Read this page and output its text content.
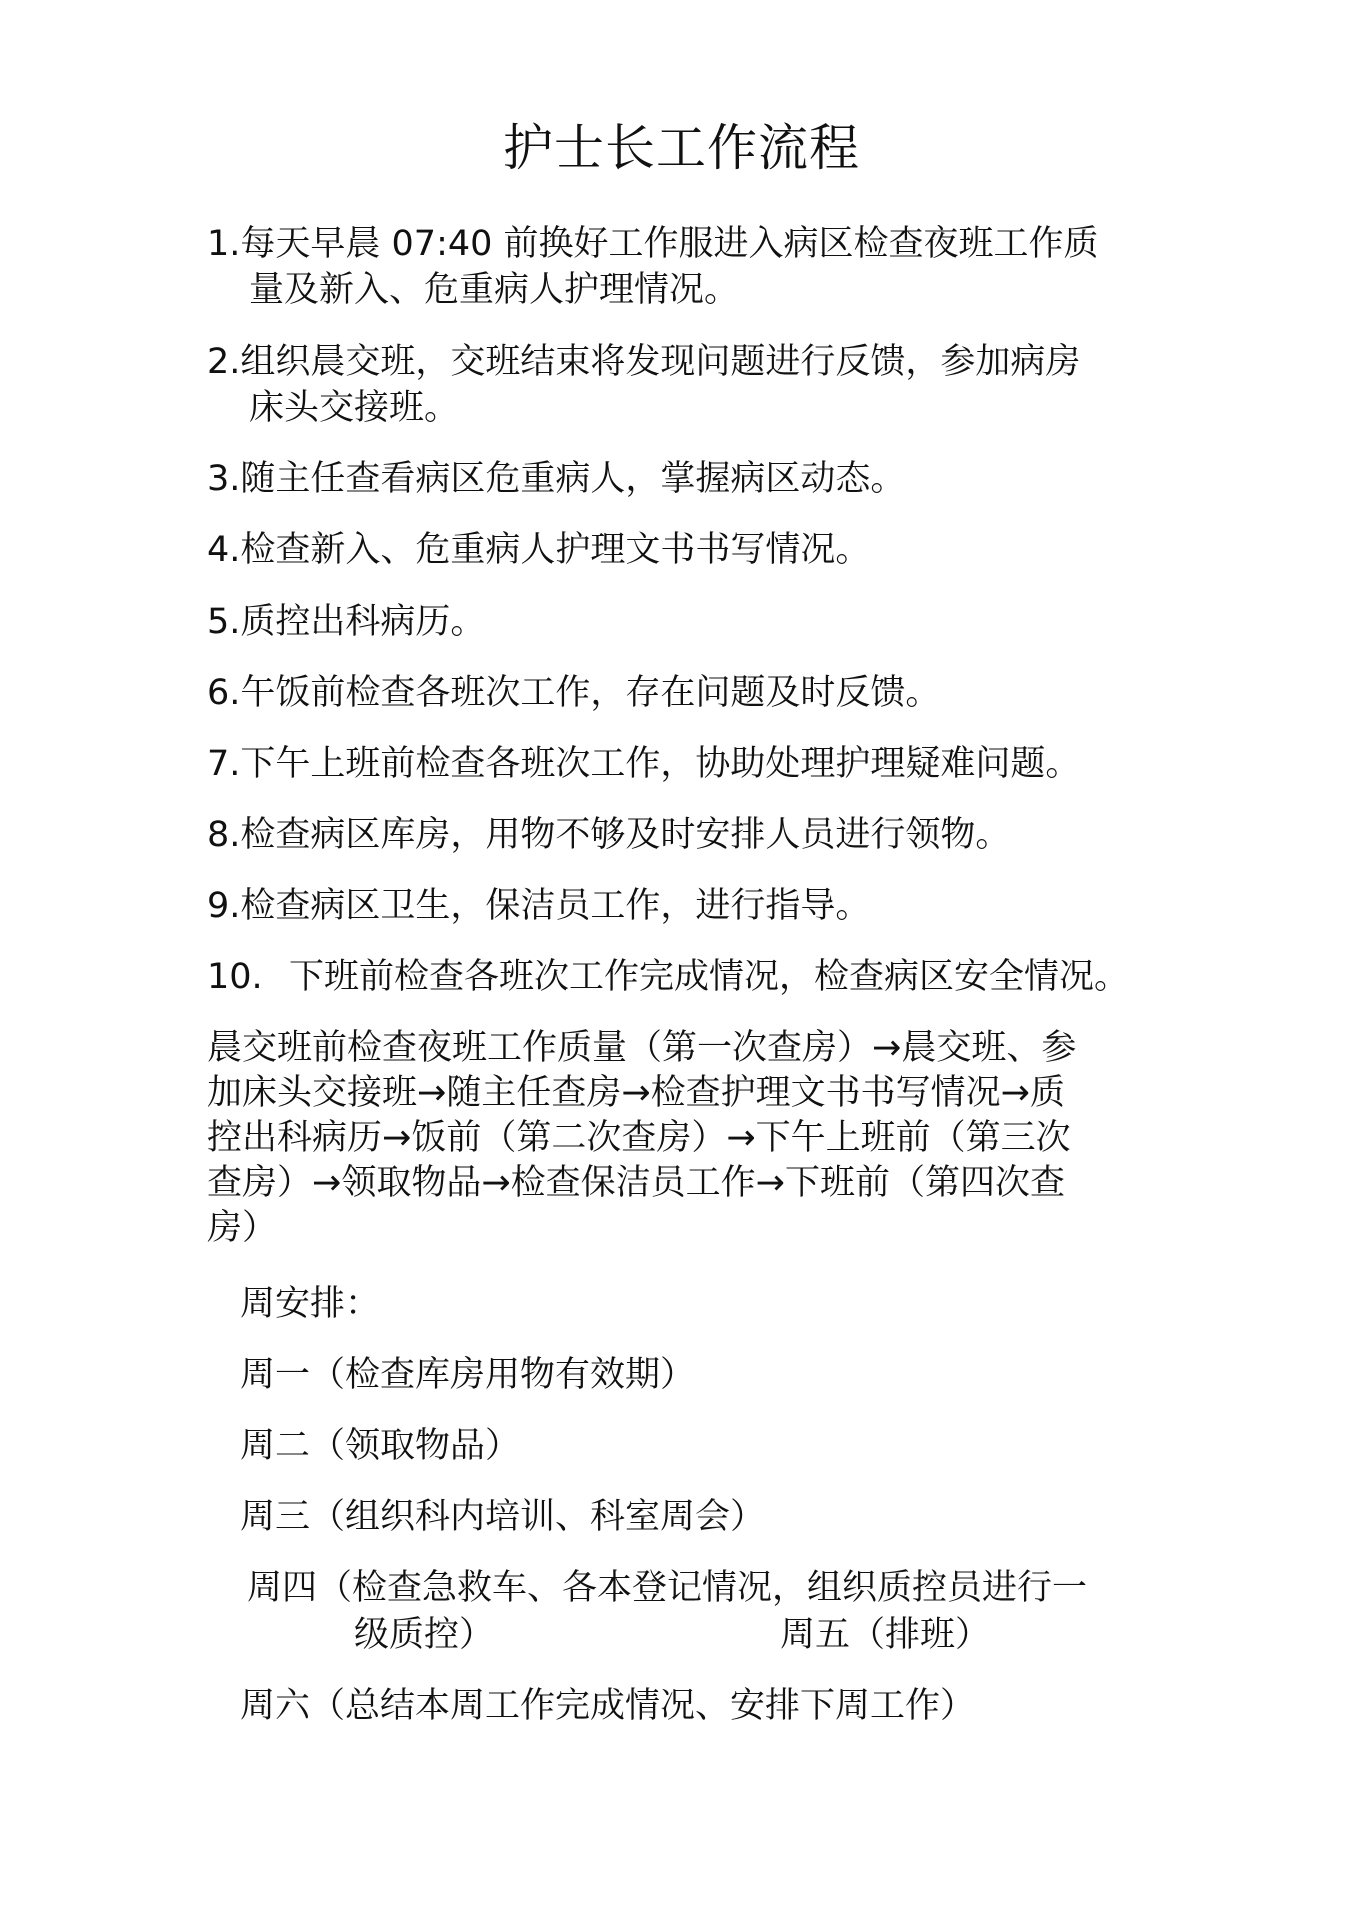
护士长工作流程
1.每天早晨 07:40 前换好工作服进入病区检查夜班工作质
量及新入、危重病人护理情况。
2.组织晨交班，交班结束将发现问题进行反馈，参加病房
床头交接班。
3.随主任查看病区危重病人，掌握病区动态。
4.检查新入、危重病人护理文书书写情况。
5.质控出科病历。
6.午饭前检查各班次工作，存在问题及时反馈。
7.下午上班前检查各班次工作，协助处理护理疑难问题。
8.检查病区库房，用物不够及时安排人员进行领物。
9.检查病区卫生，保洁员工作，进行指导。
10. 下班前检查各班次工作完成情况，检查病区安全情况。
晨交班前检查夜班工作质量（第一次查房）→晨交班、参
加床头交接班→随主任查房→检查护理文书书写情况→质
控出科病历→饭前（第二次查房）→下午上班前（第三次
查房）→领取物品→检查保洁员工作→下班前（第四次查
房）
周安排：
周一（检查库房用物有效期）
周二（领取物品）
周三（组织科内培训、科室周会）
周四（检查急救车、各本登记情况，组织质控员进行一
级质控）	周五（排班）
周六（总结本周工作完成情况、安排下周工作）
